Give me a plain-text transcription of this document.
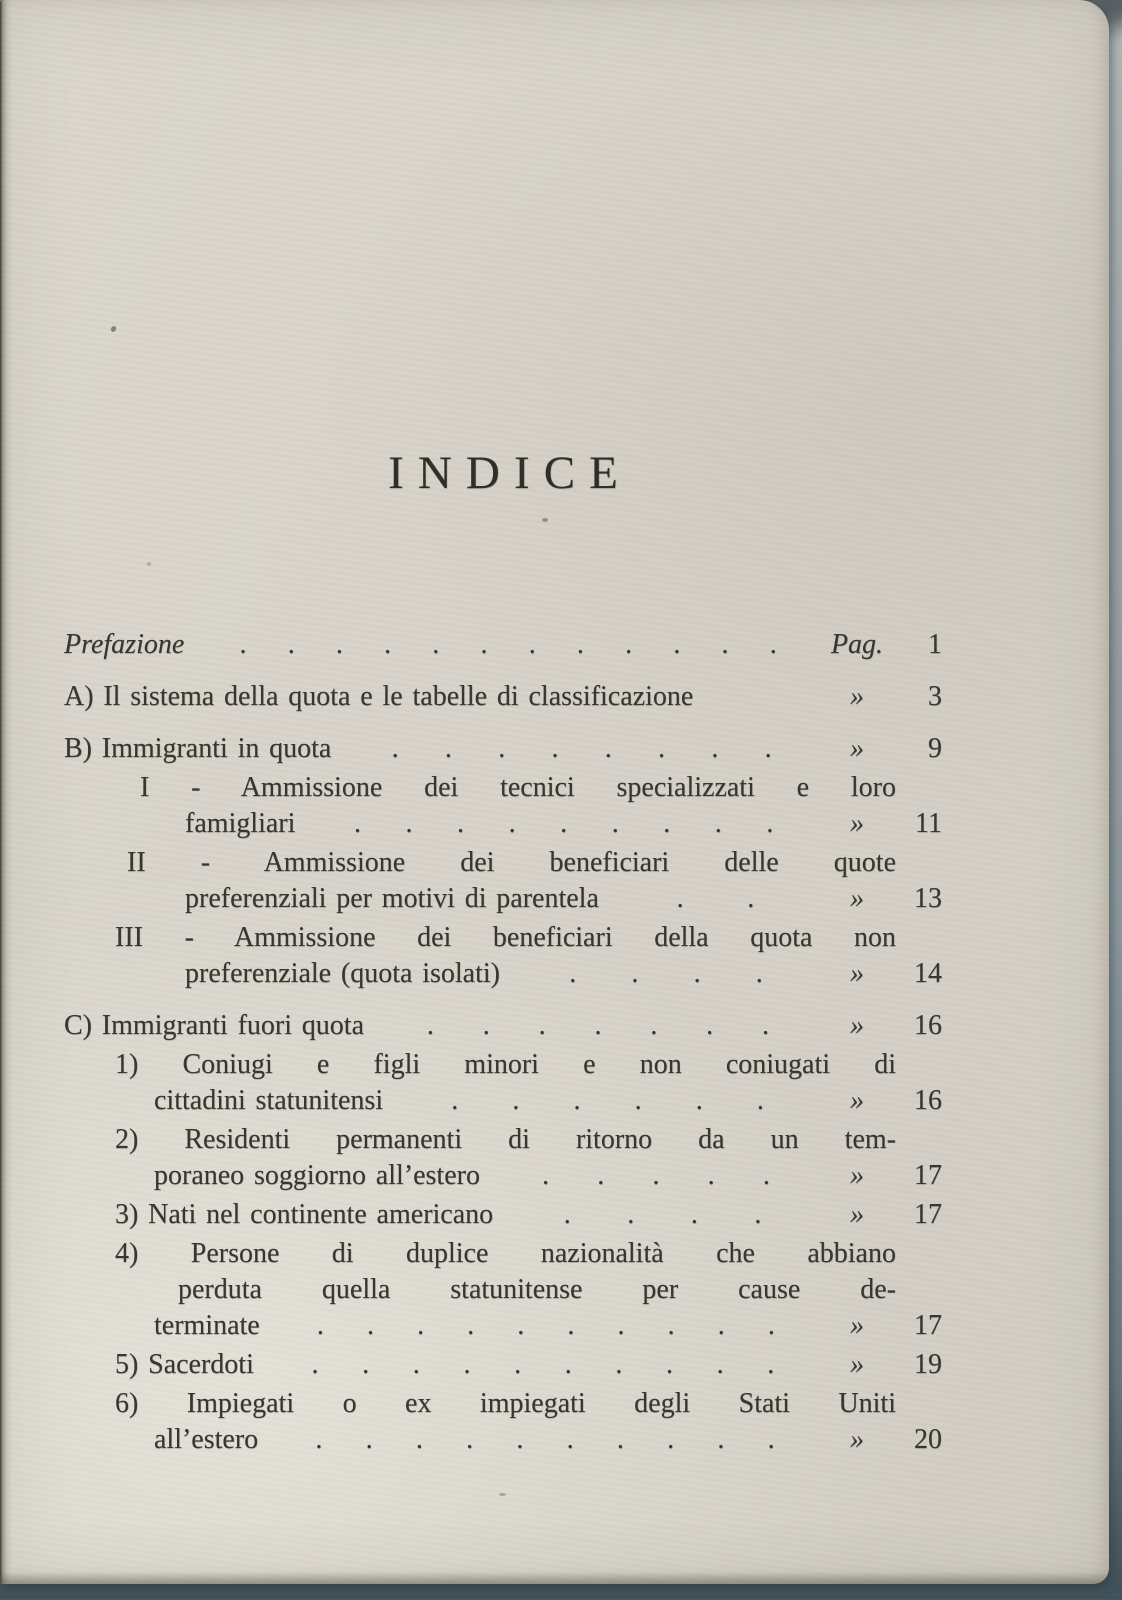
INDICE
Prefazione . . . . . . . . . . . . Pag.	1
A) Il sistema della quota e le tabelle di classificazione	»	3
B) Immigranti in quota . . . . . . . .	»	9
I - Ammissione dei tecnici specializzati e loro
famigliari . . . . . . . . .	»	11
II - Ammissione dei beneficiari delle quote
preferenziali per motivi di parentela	. .	»	13
III - Ammissione dei beneficiari della quota non
preferenziale (quota isolati) . . . .	»	14
C) Immigranti fuori quota . . . . . . .	»	16
1) Coniugi e figli minori e non coniugati di
cittadini statunitensi . . . . . .	»	16
2) Residenti permanenti di ritorno da un tem-
poraneo soggiorno all’estero . . . . .	»	17
3) Nati nel continente americano	. . . .	»	17
4) Persone di duplice nazionalità che abbiano
perduta quella statunitense per cause de-
terminate . . . . . . . . . .	»	17
5) Sacerdoti . . . . . . . . . .	»	19
6) Impiegati o ex impiegati degli Stati Uniti
all’estero . . . . . . . . . .	»	20
